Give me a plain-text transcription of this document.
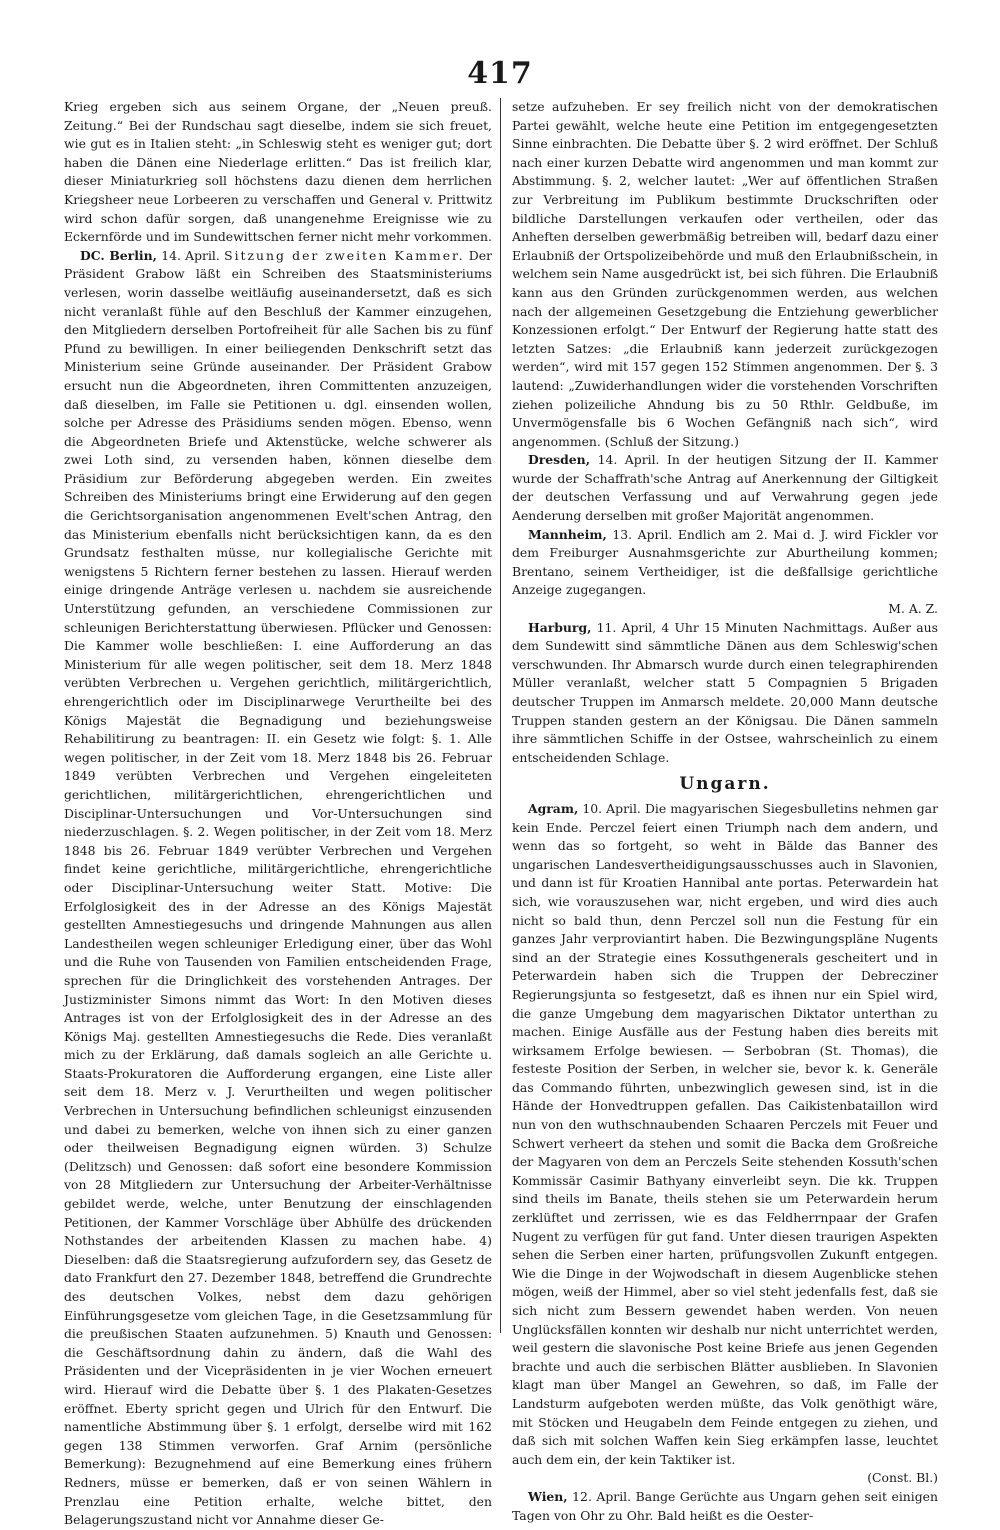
417

Krieg ergeben sich aus seinem Organe, der „Neuen preuß. Zeitung.“ Bei der Rundschau sagt dieselbe, indem sie sich freuet, wie gut es in Italien steht: „in Schleswig steht es weniger gut; dort haben die Dänen eine Niederlage erlitten.“ Das ist freilich klar, dieser Miniaturkrieg soll höchstens dazu dienen dem herrlichen Kriegsheer neue Lorbeeren zu verschaffen und General v. Prittwitz wird schon dafür sorgen, daß unangenehme Ereignisse wie zu Eckernförde und im Sundewittschen ferner nicht mehr vorkommen.

DC. Berlin, 14. April. Sitzung der zweiten Kammer. Der Präsident Grabow läßt ein Schreiben des Staatsministeriums verlesen, worin dasselbe weitläufig auseinandersetzt, daß es sich nicht veranlaßt fühle auf den Beschluß der Kammer einzugehen, den Mitgliedern derselben Portofreiheit für alle Sachen bis zu fünf Pfund zu bewilligen. In einer beiliegenden Denkschrift setzt das Ministerium seine Gründe auseinander. Der Präsident Grabow ersucht nun die Abgeordneten, ihren Committenten anzuzeigen, daß dieselben, im Falle sie Petitionen u. dgl. einsenden wollen, solche per Adresse des Präsidiums senden mögen. Ebenso, wenn die Abgeordneten Briefe und Aktenstücke, welche schwerer als zwei Loth sind, zu versenden haben, können dieselbe dem Präsidium zur Beförderung abgegeben werden. Ein zweites Schreiben des Ministeriums bringt eine Erwiderung auf den gegen die Gerichtsorganisation angenommenen Evelt'schen Antrag, den das Ministerium ebenfalls nicht berücksichtigen kann, da es den Grundsatz festhalten müsse, nur kollegialische Gerichte mit wenigstens 5 Richtern ferner bestehen zu lassen. Hierauf werden einige dringende Anträge verlesen u. nachdem sie ausreichende Unterstützung gefunden, an verschiedene Commissionen zur schleunigen Berichterstattung überwiesen. Pflücker und Genossen: Die Kammer wolle beschließen: I. eine Aufforderung an das Ministerium für alle wegen politischer, seit dem 18. Merz 1848 verübten Verbrechen u. Vergehen gerichtlich, militärgerichtlich, ehrengerichtlich oder im Disciplinarwege Verurtheilte bei des Königs Majestät die Begnadigung und beziehungsweise Rehabilitirung zu beantragen: II. ein Gesetz wie folgt: §. 1. Alle wegen politischer, in der Zeit vom 18. Merz 1848 bis 26. Februar 1849 verübten Verbrechen und Vergehen eingeleiteten gerichtlichen, militärgerichtlichen, ehrengerichtlichen und Disciplinar-Untersuchungen und Vor-Untersuchungen sind niederzuschlagen. §. 2. Wegen politischer, in der Zeit vom 18. Merz 1848 bis 26. Februar 1849 verübter Verbrechen und Vergehen findet keine gerichtliche, militärgerichtliche, ehrengerichtliche oder Disciplinar-Untersuchung weiter Statt. Motive: Die Erfolglosigkeit des in der Adresse an des Königs Majestät gestellten Amnestiegesuchs und dringende Mahnungen aus allen Landestheilen wegen schleuniger Erledigung einer, über das Wohl und die Ruhe von Tausenden von Familien entscheidenden Frage, sprechen für die Dringlichkeit des vorstehenden Antrages. Der Justizminister Simons nimmt das Wort: In den Motiven dieses Antrages ist von der Erfolglosigkeit des in der Adresse an des Königs Maj. gestellten Amnestiegesuchs die Rede. Dies veranlaßt mich zu der Erklärung, daß damals sogleich an alle Gerichte u. Staats-Prokuratoren die Aufforderung ergangen, eine Liste aller seit dem 18. Merz v. J. Verurtheilten und wegen politischer Verbrechen in Untersuchung befindlichen schleunigst einzusenden und dabei zu bemerken, welche von ihnen sich zu einer ganzen oder theilweisen Begnadigung eignen würden. 3) Schulze (Delitzsch) und Genossen: daß sofort eine besondere Kommission von 28 Mitgliedern zur Untersuchung der Arbeiter-Verhältnisse gebildet werde, welche, unter Benutzung der einschlagenden Petitionen, der Kammer Vorschläge über Abhülfe des drückenden Nothstandes der arbeitenden Klassen zu machen habe. 4) Dieselben: daß die Staatsregierung aufzufordern sey, das Gesetz de dato Frankfurt den 27. Dezember 1848, betreffend die Grundrechte des deutschen Volkes, nebst dem dazu gehörigen Einführungsgesetze vom gleichen Tage, in die Gesetzsammlung für die preußischen Staaten aufzunehmen. 5) Knauth und Genossen: die Geschäftsordnung dahin zu ändern, daß die Wahl des Präsidenten und der Vicepräsidenten in je vier Wochen erneuert wird. Hierauf wird die Debatte über §. 1 des Plakaten-Gesetzes eröffnet. Eberty spricht gegen und Ulrich für den Entwurf. Die namentliche Abstimmung über §. 1 erfolgt, derselbe wird mit 162 gegen 138 Stimmen verworfen. Graf Arnim (persönliche Bemerkung): Bezugnehmend auf eine Bemerkung eines frühern Redners, müsse er bemerken, daß er von seinen Wählern in Prenzlau eine Petition erhalte, welche bittet, den Belagerungszustand nicht vor Annahme dieser Ge-

setze aufzuheben. Er sey freilich nicht von der demokratischen Partei gewählt, welche heute eine Petition im entgegengesetzten Sinne einbrachten. Die Debatte über §. 2 wird eröffnet. Der Schluß nach einer kurzen Debatte wird angenommen und man kommt zur Abstimmung. §. 2, welcher lautet: „Wer auf öffentlichen Straßen zur Verbreitung im Publikum bestimmte Druckschriften oder bildliche Darstellungen verkaufen oder vertheilen, oder das Anheften derselben gewerbmäßig betreiben will, bedarf dazu einer Erlaubniß der Ortspolizeibehörde und muß den Erlaubnißschein, in welchem sein Name ausgedrückt ist, bei sich führen. Die Erlaubniß kann aus den Gründen zurückgenommen werden, aus welchen nach der allgemeinen Gesetzgebung die Entziehung gewerblicher Konzessionen erfolgt.“ Der Entwurf der Regierung hatte statt des letzten Satzes: „die Erlaubniß kann jederzeit zurückgezogen werden“, wird mit 157 gegen 152 Stimmen angenommen. Der §. 3 lautend: „Zuwiderhandlungen wider die vorstehenden Vorschriften ziehen polizeiliche Ahndung bis zu 50 Rthlr. Geldbuße, im Unvermögensfalle bis 6 Wochen Gefängniß nach sich“, wird angenommen. (Schluß der Sitzung.)

Dresden, 14. April. In der heutigen Sitzung der II. Kammer wurde der Schaffrath'sche Antrag auf Anerkennung der Giltigkeit der deutschen Verfassung und auf Verwahrung gegen jede Aenderung derselben mit großer Majorität angenommen.

Mannheim, 13. April. Endlich am 2. Mai d. J. wird Fickler vor dem Freiburger Ausnahmsgerichte zur Aburtheilung kommen; Brentano, seinem Vertheidiger, ist die deßfallsige gerichtliche Anzeige zugegangen.
M. A. Z.

Harburg, 11. April, 4 Uhr 15 Minuten Nachmittags. Außer aus dem Sundewitt sind sämmtliche Dänen aus dem Schleswig'schen verschwunden. Ihr Abmarsch wurde durch einen telegraphirenden Müller veranlaßt, welcher statt 5 Compagnien 5 Brigaden deutscher Truppen im Anmarsch meldete. 20,000 Mann deutsche Truppen standen gestern an der Königsau. Die Dänen sammeln ihre sämmtlichen Schiffe in der Ostsee, wahrscheinlich zu einem entscheidenden Schlage.

Ungarn.

Agram, 10. April. Die magyarischen Siegesbulletins nehmen gar kein Ende. Perczel feiert einen Triumph nach dem andern, und wenn das so fortgeht, so weht in Bälde das Banner des ungarischen Landesvertheidigungsausschusses auch in Slavonien, und dann ist für Kroatien Hannibal ante portas. Peterwardein hat sich, wie vorauszusehen war, nicht ergeben, und wird dies auch nicht so bald thun, denn Perczel soll nun die Festung für ein ganzes Jahr verproviantirt haben. Die Bezwingungspläne Nugents sind an der Strategie eines Kossuthgenerals gescheitert und in Peterwardein haben sich die Truppen der Debrecziner Regierungsjunta so festgesetzt, daß es ihnen nur ein Spiel wird, die ganze Umgebung dem magyarischen Diktator unterthan zu machen. Einige Ausfälle aus der Festung haben dies bereits mit wirksamem Erfolge bewiesen. — Serbobran (St. Thomas), die festeste Position der Serben, in welcher sie, bevor k. k. Generäle das Commando führten, unbezwinglich gewesen sind, ist in die Hände der Honvedtruppen gefallen. Das Caikistenbataillon wird nun von den wuthschnaubenden Schaaren Perczels mit Feuer und Schwert verheert da stehen und somit die Backa dem Großreiche der Magyaren von dem an Perczels Seite stehenden Kossuth'schen Kommissär Casimir Bathyany einverleibt seyn. Die kk. Truppen sind theils im Banate, theils stehen sie um Peterwardein herum zerklüftet und zerrissen, wie es das Feldherrnpaar der Grafen Nugent zu verfügen für gut fand. Unter diesen traurigen Aspekten sehen die Serben einer harten, prüfungsvollen Zukunft entgegen. Wie die Dinge in der Wojwodschaft in diesem Augenblicke stehen mögen, weiß der Himmel, aber so viel steht jedenfalls fest, daß sie sich nicht zum Bessern gewendet haben werden. Von neuen Unglücksfällen konnten wir deshalb nur nicht unterrichtet werden, weil gestern die slavonische Post keine Briefe aus jenen Gegenden brachte und auch die serbischen Blätter ausblieben. In Slavonien klagt man über Mangel an Gewehren, so daß, im Falle der Landsturm aufgeboten werden müßte, das Volk genöthigt wäre, mit Stöcken und Heugabeln dem Feinde entgegen zu ziehen, und daß sich mit solchen Waffen kein Sieg erkämpfen lasse, leuchtet auch dem ein, der kein Taktiker ist.
(Const. Bl.)

Wien, 12. April. Bange Gerüchte aus Ungarn gehen seit einigen Tagen von Ohr zu Ohr. Bald heißt es die Oester-
